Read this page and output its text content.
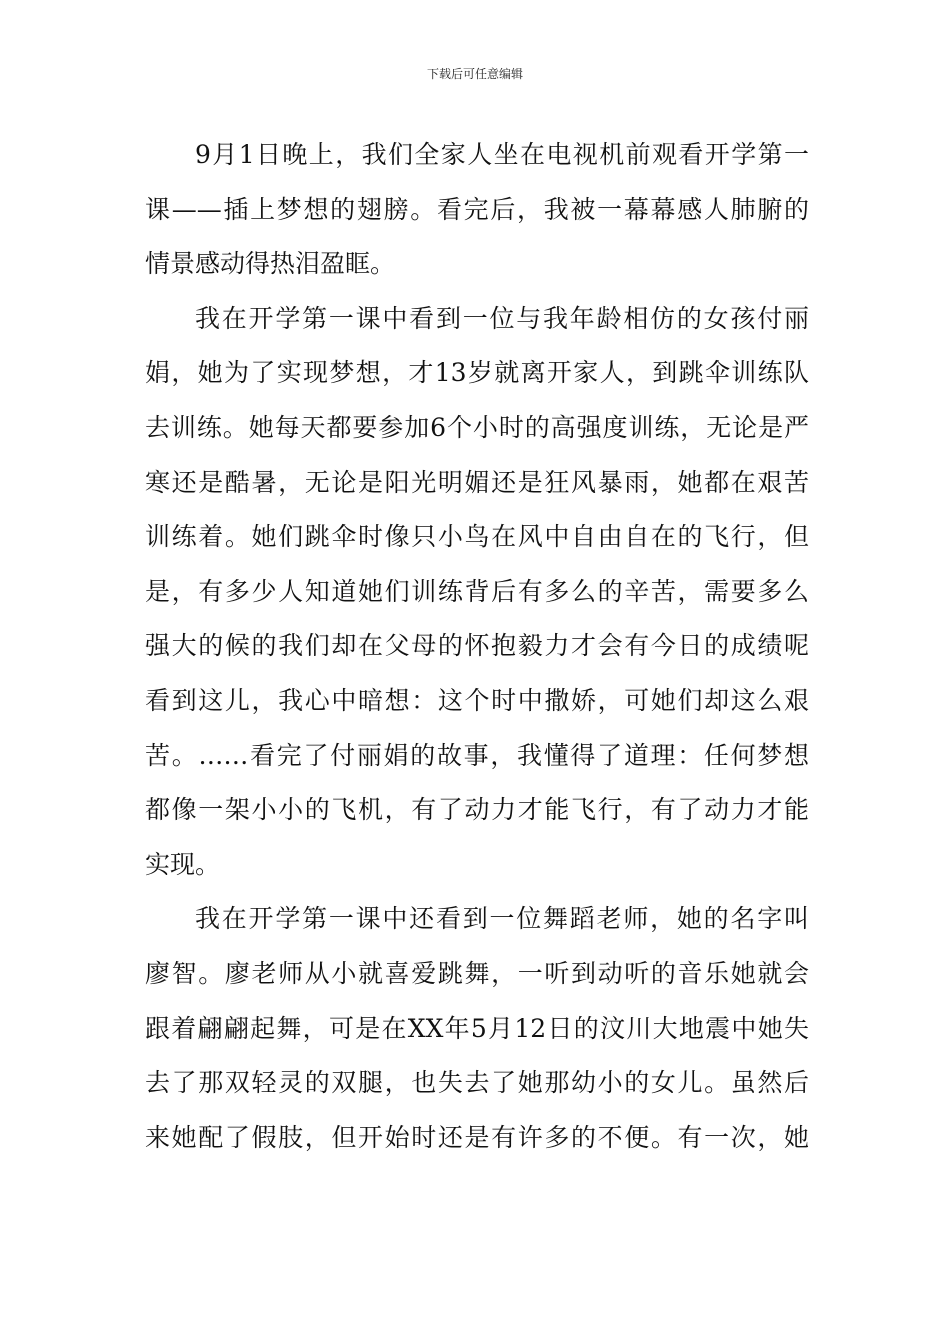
下载后可任意编辑
9月1日晚上，我们全家人坐在电视机前观看开学第一
课——插上梦想的翅膀。看完后，我被一幕幕感人肺腑的
情景感动得热泪盈眶。
我在开学第一课中看到一位与我年龄相仿的女孩付丽
娟，她为了实现梦想，才13岁就离开家人，到跳伞训练队
去训练。她每天都要参加6个小时的高强度训练，无论是严
寒还是酷暑，无论是阳光明媚还是狂风暴雨，她都在艰苦
训练着。她们跳伞时像只小鸟在风中自由自在的飞行，但
是，有多少人知道她们训练背后有多么的辛苦，需要多么
强大的候的我们却在父母的怀抱毅力才会有今日的成绩呢
看到这儿，我心中暗想：这个时中撒娇，可她们却这么艰
苦。……看完了付丽娟的故事，我懂得了道理：任何梦想
都像一架小小的飞机，有了动力才能飞行，有了动力才能
实现。
我在开学第一课中还看到一位舞蹈老师，她的名字叫
廖智。廖老师从小就喜爱跳舞，一听到动听的音乐她就会
跟着翩翩起舞，可是在XX年5月12日的汶川大地震中她失
去了那双轻灵的双腿，也失去了她那幼小的女儿。虽然后
来她配了假肢，但开始时还是有许多的不便。有一次，她
